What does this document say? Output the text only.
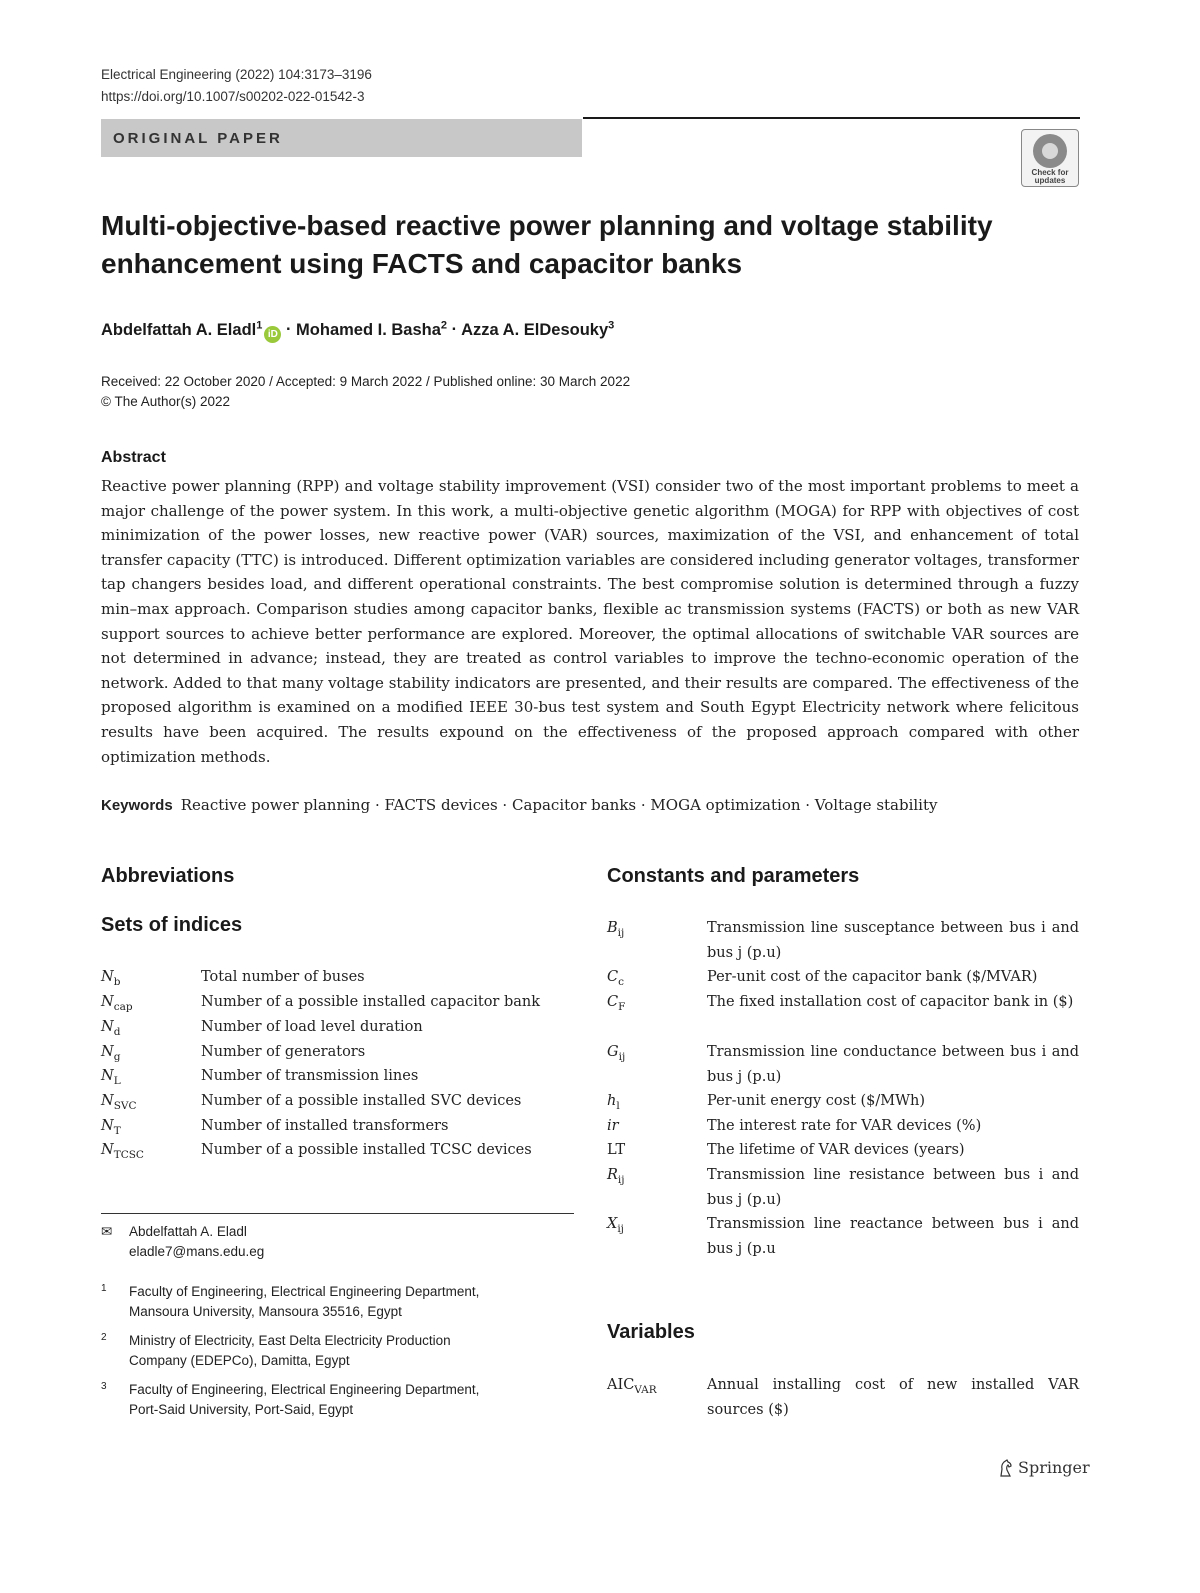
Electrical Engineering (2022) 104:3173–3196
https://doi.org/10.1007/s00202-022-01542-3
ORIGINAL PAPER
Check for
updates
Multi-objective-based reactive power planning and voltage stability enhancement using FACTS and capacitor banks
Abdelfattah A. Eladl$^1$iD · Mohamed I. Basha$^2$ · Azza A. ElDesouky$^3$
Received: 22 October 2020 / Accepted: 9 March 2022 / Published online: 30 March 2022
© The Author(s) 2022
Abstract
Reactive power planning (RPP) and voltage stability improvement (VSI) consider two of the most important problems to meet a major challenge of the power system. In this work, a multi-objective genetic algorithm (MOGA) for RPP with objectives of cost minimization of the power losses, new reactive power (VAR) sources, maximization of the VSI, and enhancement of total transfer capacity (TTC) is introduced. Different optimization variables are considered including generator voltages, transformer tap changers besides load, and different operational constraints. The best compromise solution is determined through a fuzzy min–max approach. Comparison studies among capacitor banks, flexible ac transmission systems (FACTS) or both as new VAR support sources to achieve better performance are explored. Moreover, the optimal allocations of switchable VAR sources are not determined in advance; instead, they are treated as control variables to improve the techno-economic operation of the network. Added to that many voltage stability indicators are presented, and their results are compared. The effectiveness of the proposed algorithm is examined on a modified IEEE 30-bus test system and South Egypt Electricity network where felicitous results have been acquired. The results expound on the effectiveness of the proposed approach compared with other optimization methods.
Keywords Reactive power planning · FACTS devices · Capacitor banks · MOGA optimization · Voltage stability
Abbreviations
Sets of indices
$N_b$	Total number of buses
$N_{cap}$	Number of a possible installed capacitor bank
$N_d$	Number of load level duration
$N_g$	Number of generators
$N_L$	Number of transmission lines
$N_{SVC}$	Number of a possible installed SVC devices
$N_T$	Number of installed transformers
$N_{TCSC}$	Number of a possible installed TCSC devices
✉ Abdelfattah A. Eladl
eladle7@mans.edu.eg
1 Faculty of Engineering, Electrical Engineering Department,
Mansoura University, Mansoura 35516, Egypt
2 Ministry of Electricity, East Delta Electricity Production
Company (EDEPCo), Damitta, Egypt
3 Faculty of Engineering, Electrical Engineering Department,
Port-Said University, Port-Said, Egypt
Constants and parameters
$B_{ij}$	Transmission line susceptance between bus i and bus j (p.u)
$C_c$	Per-unit cost of the capacitor bank ($/MVAR)
$C_F$	The fixed installation cost of capacitor bank in ($)
$G_{ij}$	Transmission line conductance between bus i and bus j (p.u)
$h_l$	Per-unit energy cost ($/MWh)
ir	The interest rate for VAR devices (%)
LT	The lifetime of VAR devices (years)
$R_{ij}$	Transmission line resistance between bus i and bus j (p.u)
$X_{ij}$	Transmission line reactance between bus i and bus j (p.u
Variables
$AIC_{VAR}$	Annual installing cost of new installed VAR sources ($)
Springer
